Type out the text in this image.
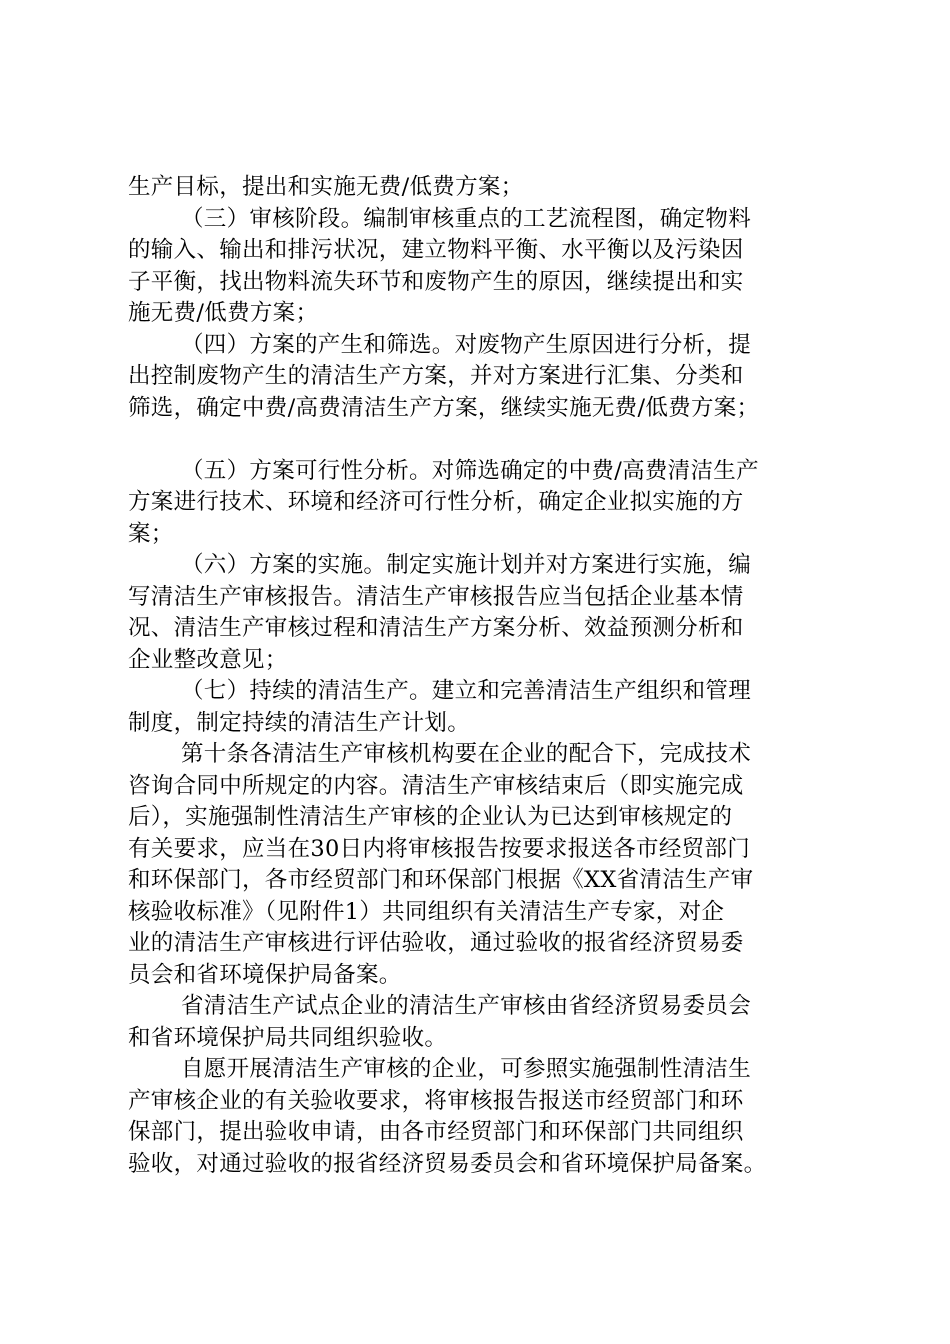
生产目标，提出和实施无费/低费方案；
（三）审核阶段。编制审核重点的工艺流程图，确定物料
的输入、输出和排污状况，建立物料平衡、水平衡以及污染因
子平衡，找出物料流失环节和废物产生的原因，继续提出和实
施无费/低费方案；
（四）方案的产生和筛选。对废物产生原因进行分析，提
出控制废物产生的清洁生产方案，并对方案进行汇集、分类和
筛选，确定中费/高费清洁生产方案，继续实施无费/低费方案；
（五）方案可行性分析。对筛选确定的中费/高费清洁生产
方案进行技术、环境和经济可行性分析，确定企业拟实施的方
案；
（六）方案的实施。制定实施计划并对方案进行实施，编
写清洁生产审核报告。清洁生产审核报告应当包括企业基本情
况、清洁生产审核过程和清洁生产方案分析、效益预测分析和
企业整改意见；
（七）持续的清洁生产。建立和完善清洁生产组织和管理
制度，制定持续的清洁生产计划。
第十条各清洁生产审核机构要在企业的配合下，完成技术
咨询合同中所规定的内容。清洁生产审核结束后（即实施完成
后），实施强制性清洁生产审核的企业认为已达到审核规定的
有关要求，应当在30日内将审核报告按要求报送各市经贸部门
和环保部门，各市经贸部门和环保部门根据《XX省清洁生产审
核验收标准》（见附件1）共同组织有关清洁生产专家，对企
业的清洁生产审核进行评估验收，通过验收的报省经济贸易委
员会和省环境保护局备案。
省清洁生产试点企业的清洁生产审核由省经济贸易委员会
和省环境保护局共同组织验收。
自愿开展清洁生产审核的企业，可参照实施强制性清洁生
产审核企业的有关验收要求，将审核报告报送市经贸部门和环
保部门，提出验收申请，由各市经贸部门和环保部门共同组织
验收，对通过验收的报省经济贸易委员会和省环境保护局备案。
